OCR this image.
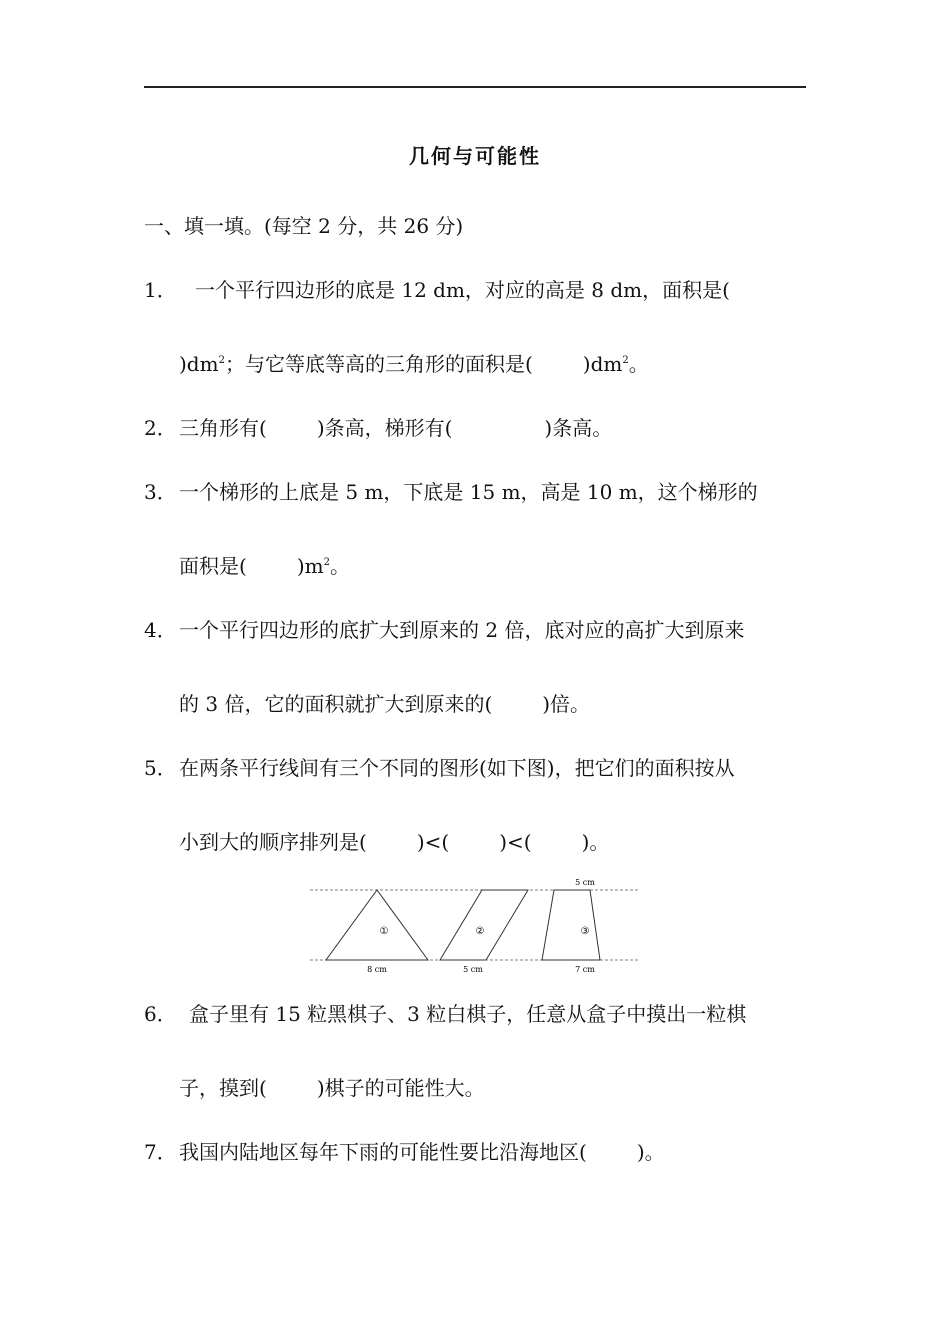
几何与可能性
一、填一填。(每空 2 分，共 26 分)
1． 一个平行四边形的底是 12 dm，对应的高是 8 dm，面积是(
)$dm^2$；与它等底等高的三角形的面积是(	)$dm^2$。
2． 三角形有(	)条高，梯形有(	)条高。
3． 一个梯形的上底是 5 m，下底是 15 m，高是 10 m，这个梯形的
面积是(	)$m^2$。
4． 一个平行四边形的底扩大到原来的 2 倍，底对应的高扩大到原来
的 3 倍，它的面积就扩大到原来的(	)倍。
5． 在两条平行线间有三个不同的图形(如下图)，把它们的面积按从
小到大的顺序排列是(	)<(	)<(	)。
①	②	③
5 cm
8 cm	5 cm	7 cm
6． 盒子里有 15 粒黑棋子、3 粒白棋子，任意从盒子中摸出一粒棋
子，摸到(	)棋子的可能性大。
7． 我国内陆地区每年下雨的可能性要比沿海地区(	)。
